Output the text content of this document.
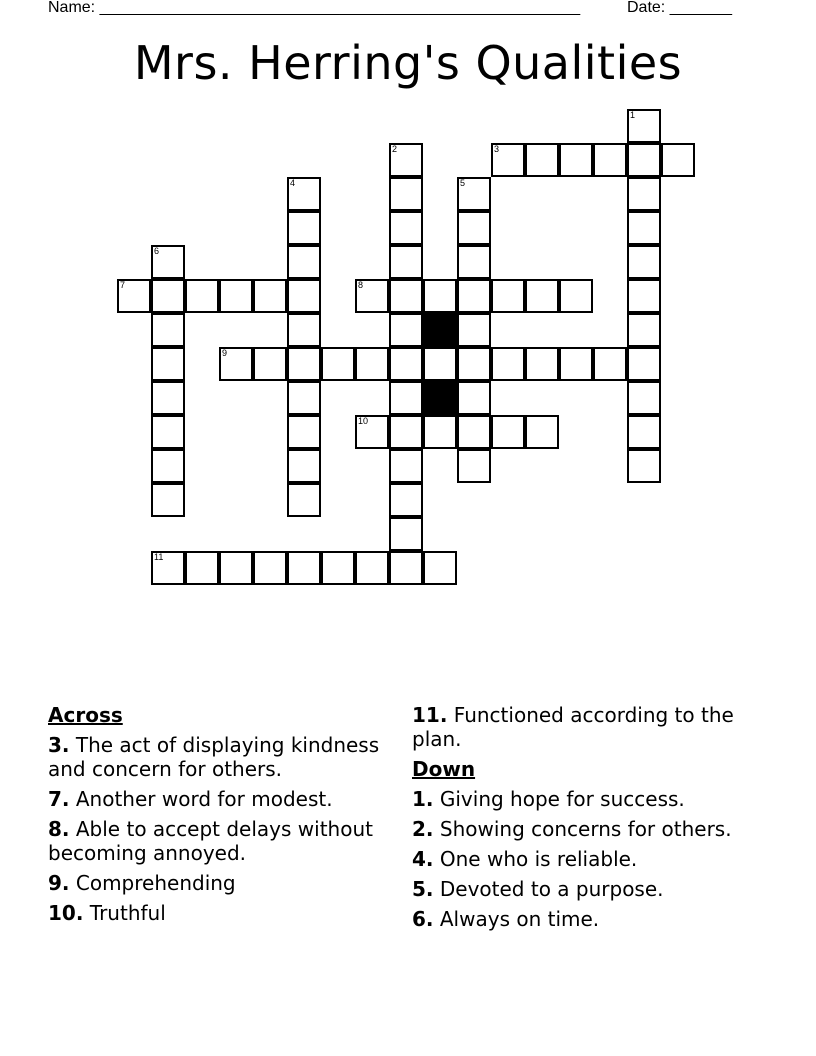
Name: ______________________________________________________	Date: _______
Mrs. Herring's Qualities
1
2	3
4	5
6
7	8
9
10
11
Across
3. The act of displaying kindness and concern for others.
7. Another word for modest.
8. Able to accept delays without becoming annoyed.
9. Comprehending
10. Truthful
11. Functioned according to the plan.
Down
1. Giving hope for success.
2. Showing concerns for others.
4. One who is reliable.
5. Devoted to a purpose.
6. Always on time.
